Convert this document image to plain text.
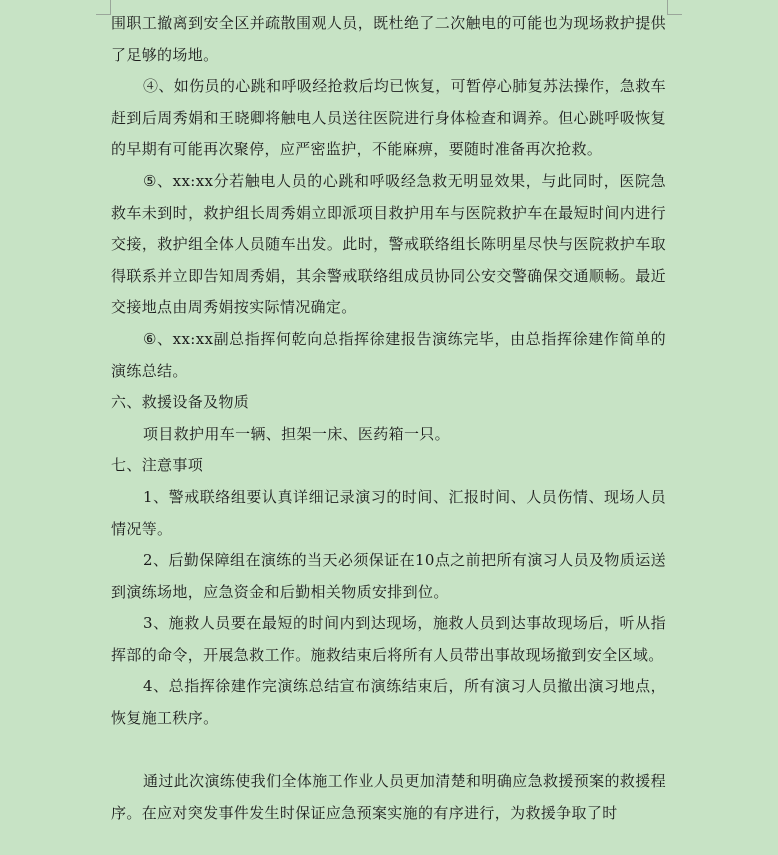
围职工撤离到安全区并疏散围观人员，既杜绝了二次触电的可能也为现场救护提供了足够的场地。

④、如伤员的心跳和呼吸经抢救后均已恢复，可暂停心肺复苏法操作，急救车赶到后周秀娟和王晓卿将触电人员送往医院进行身体检查和调养。但心跳呼吸恢复的早期有可能再次聚停，应严密监护，不能麻痹，要随时准备再次抢救。

⑤、xx:xx分若触电人员的心跳和呼吸经急救无明显效果，与此同时，医院急救车未到时，救护组长周秀娟立即派项目救护用车与医院救护车在最短时间内进行交接，救护组全体人员随车出发。此时，警戒联络组长陈明星尽快与医院救护车取得联系并立即告知周秀娟，其余警戒联络组成员协同公安交警确保交通顺畅。最近交接地点由周秀娟按实际情况确定。

⑥、xx:xx副总指挥何乾向总指挥徐建报告演练完毕，由总指挥徐建作简单的演练总结。

六、救援设备及物质

项目救护用车一辆、担架一床、医药箱一只。

七、注意事项

1、警戒联络组要认真详细记录演习的时间、汇报时间、人员伤情、现场人员情况等。

2、后勤保障组在演练的当天必须保证在10点之前把所有演习人员及物质运送到演练场地，应急资金和后勤相关物质安排到位。

3、施救人员要在最短的时间内到达现场，施救人员到达事故现场后，听从指挥部的命令，开展急救工作。施救结束后将所有人员带出事故现场撤到安全区域。

4、总指挥徐建作完演练总结宣布演练结束后，所有演习人员撤出演习地点，恢复施工秩序。

通过此次演练使我们全体施工作业人员更加清楚和明确应急救援预案的救援程序。在应对突发事件发生时保证应急预案实施的有序进行，为救援争取了时
